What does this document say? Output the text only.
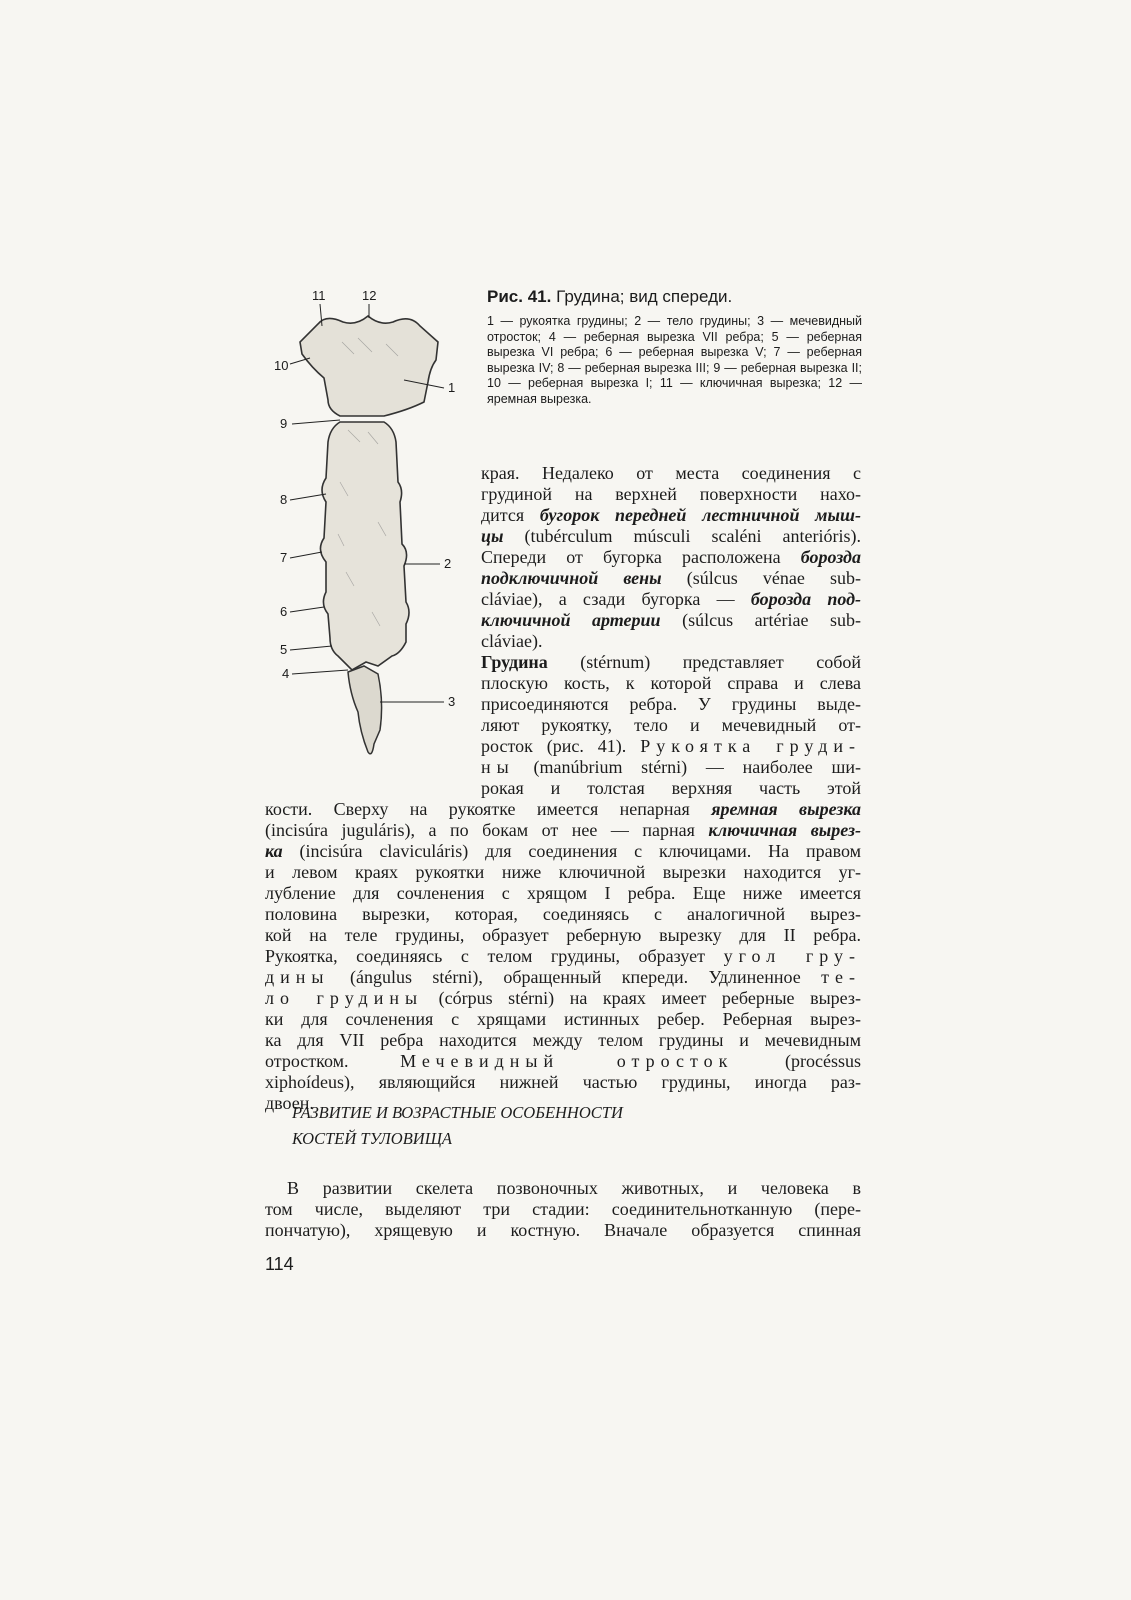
11	12
10
1
9
8
7	2
6
5
4
3

Рис. 41. Грудина; вид спереди.

1 — рукоятка грудины; 2 — тело грудины; 3 — мечевидный отросток; 4 — реберная вырезка VII ребра; 5 — реберная вырезка VI ребра; 6 — реберная вырезка V; 7 — реберная вырезка IV; 8 — реберная вырезка III; 9 — реберная вырезка II; 10 — реберная вырезка I; 11 — ключичная вырезка; 12 — яремная вырезка.

края. Недалеко от места соединения с
грудиной на верхней поверхности нахо-
дится бугорок передней лестничной мыш-
цы (tubérculum músculi scaléni anterióris).
Спереди от бугорка расположена борозда
подключичной вены (súlcus vénae sub-
cláviae), а сзади бугорка — борозда под-
ключичной артерии (súlcus artériae sub-
cláviae).
Грудина (stérnum) представляет собой
плоскую кость, к которой справа и слева
присоединяются ребра. У грудины выде-
ляют рукоятку, тело и мечевидный от-
росток (рис. 41). Рукоятка груди-
ны (manúbrium stérni) — наиболее ши-
рокая и толстая верхняя часть этой
кости. Сверху на рукоятке имеется непарная яремная вырезка
(incisúra juguláris), а по бокам от нее — парная ключичная вырез-
ка (incisúra claviculáris) для соединения с ключицами. На правом
и левом краях рукоятки ниже ключичной вырезки находится уг-
лубление для сочленения с хрящом I ребра. Еще ниже имеется
половина вырезки, которая, соединяясь с аналогичной вырез-
кой на теле грудины, образует реберную вырезку для II ребра.
Рукоятка, соединяясь с телом грудины, образует угол гру-
дины (ángulus stérni), обращенный кпереди. Удлиненное те-
ло грудины (córpus stérni) на краях имеет реберные вырез-
ки для сочленения с хрящами истинных ребер. Реберная вырез-
ка для VII ребра находится между телом грудины и мечевидным
отростком.	Мечевидный отросток	(procéssus
xiphoídeus), являющийся нижней частью грудины, иногда раз-
двоен.
РАЗВИТИЕ И ВОЗРАСТНЫЕ ОСОБЕННОСТИ
КОСТЕЙ ТУЛОВИЩА
В развитии скелета позвоночных животных, и человека в
том числе, выделяют три стадии: соединительнотканную (пере-
пончатую), хрящевую и костную. Вначале образуется спинная
114
